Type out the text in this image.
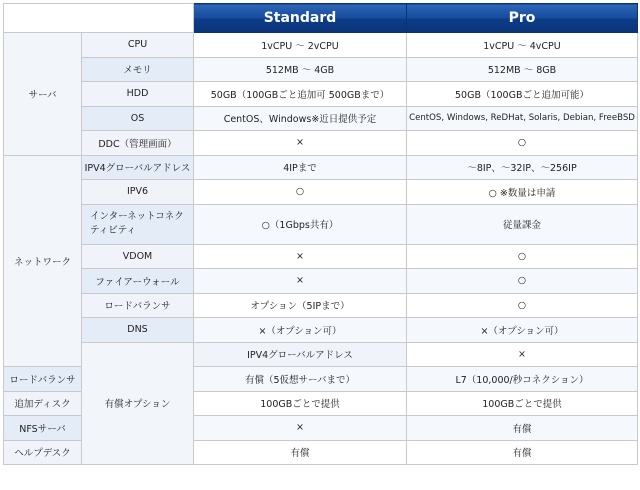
		Standard	Pro	
サーバ	CPU	1vCPU ～ 2vCPU	1vCPU ～ 4vCPU	
	メモリ	512MB ～ 4GB	512MB ～ 8GB	
	HDD	50GB（100GBごと追加可 500GBまで）	50GB（100GBごと追加可能）	
	OS	CentOS、Windows※近日提供予定	CentOS, Windows, ReDHat, Solaris, Debian, FreeBSD	
	DDC（管理画面）	×	○	
ネットワーク	IPV4グローバルアドレス	4IPまで	～8IP、～32IP、～256IP	
	IPV6	○	○ ※数量は申請	
	インターネットコネクティビティ	○（1Gbps共有）	従量課金	
	VDOM	×	○	
	ファイアーウォール	×	○	
	ロードバランサ	オプション（5IPまで）	○	
	DNS	×（オプション可）	×（オプション可）	
	有償オプション	IPV4グローバルアドレス	×	
ロードバランサ		有償（5仮想サーバまで）	L7（10,000/秒コネクション）	
追加ディスク		100GBごとで提供	100GBごとで提供	
NFSサーバ		×	有償	
ヘルプデスク		有償	有償	
